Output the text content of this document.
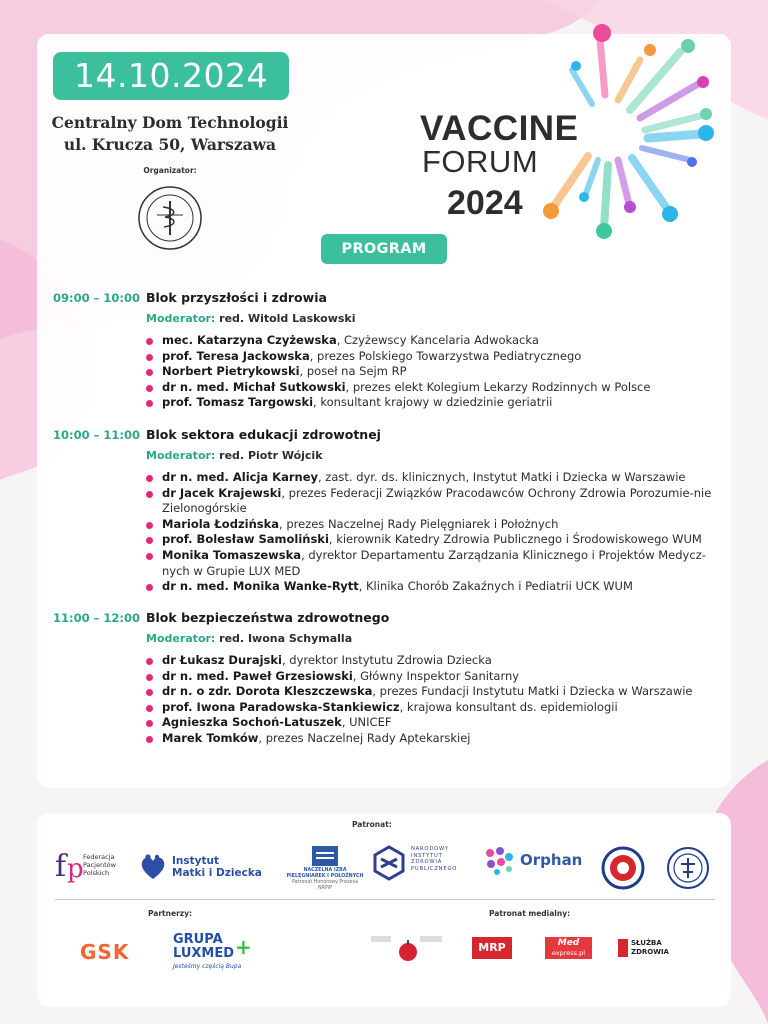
14.10.2024
Centralny Dom Technologii
ul. Krucza 50, Warszawa
Organizator:
VACCINE
FORUM
2024
PROGRAM
09:00 – 10:00 Blok przyszłości i zdrowia
Moderator: red. Witold Laskowski
mec. Katarzyna Czyżewska, Czyżewscy Kancelaria Adwokacka
prof. Teresa Jackowska, prezes Polskiego Towarzystwa Pediatrycznego
Norbert Pietrykowski, poseł na Sejm RP
dr n. med. Michał Sutkowski, prezes elekt Kolegium Lekarzy Rodzinnych w Polsce
prof. Tomasz Targowski, konsultant krajowy w dziedzinie geriatrii
10:00 – 11:00 Blok sektora edukacji zdrowotnej
Moderator: red. Piotr Wójcik
dr n. med. Alicja Karney, zast. dyr. ds. klinicznych, Instytut Matki i Dziecka w Warszawie
dr Jacek Krajewski, prezes Federacji Związków Pracodawców Ochrony Zdrowia Porozumie-nie Zielonogórskie
Mariola Łodzińska, prezes Naczelnej Rady Pielęgniarek i Położnych
prof. Bolesław Samoliński, kierownik Katedry Zdrowia Publicznego i Środowiskowego WUM
Monika Tomaszewska, dyrektor Departamentu Zarządzania Klinicznego i Projektów Medycz-nych w Grupie LUX MED
dr n. med. Monika Wanke-Rytt, Klinika Chorób Zakaźnych i Pediatrii UCK WUM
11:00 – 12:00 Blok bezpieczeństwa zdrowotnego
Moderator: red. Iwona Schymalla
dr Łukasz Durajski, dyrektor Instytutu Zdrowia Dziecka
dr n. med. Paweł Grzesiowski, Główny Inspektor Sanitarny
dr n. o zdr. Dorota Kleszczewska, prezes Fundacji Instytutu Matki i Dziecka w Warszawie
prof. Iwona Paradowska-Stankiewicz, krajowa konsultant ds. epidemiologii
Agnieszka Sochoń-Latuszek, UNICEF
Marek Tomków, prezes Naczelnej Rady Aptekarskiej
Patronat:
f p Federacja
Pacjentów
Polskich
Instytut
Matki i Dziecka	NACZELNA IZBA
PIELĘGNIAREK I POŁOŻNYCH
Patronat Honorowy Prezesa NRPiP
NARODOWY
INSTYTUT
ZDROWIA
PUBLICZNEGO	Orphan
Partnerzy:	Patronat medialny:
GSK
GRUPA
LUXMED +
Jesteśmy częścią Bupa
MRP	Med
express.pl
SŁUŻBA
ZDROWIA
